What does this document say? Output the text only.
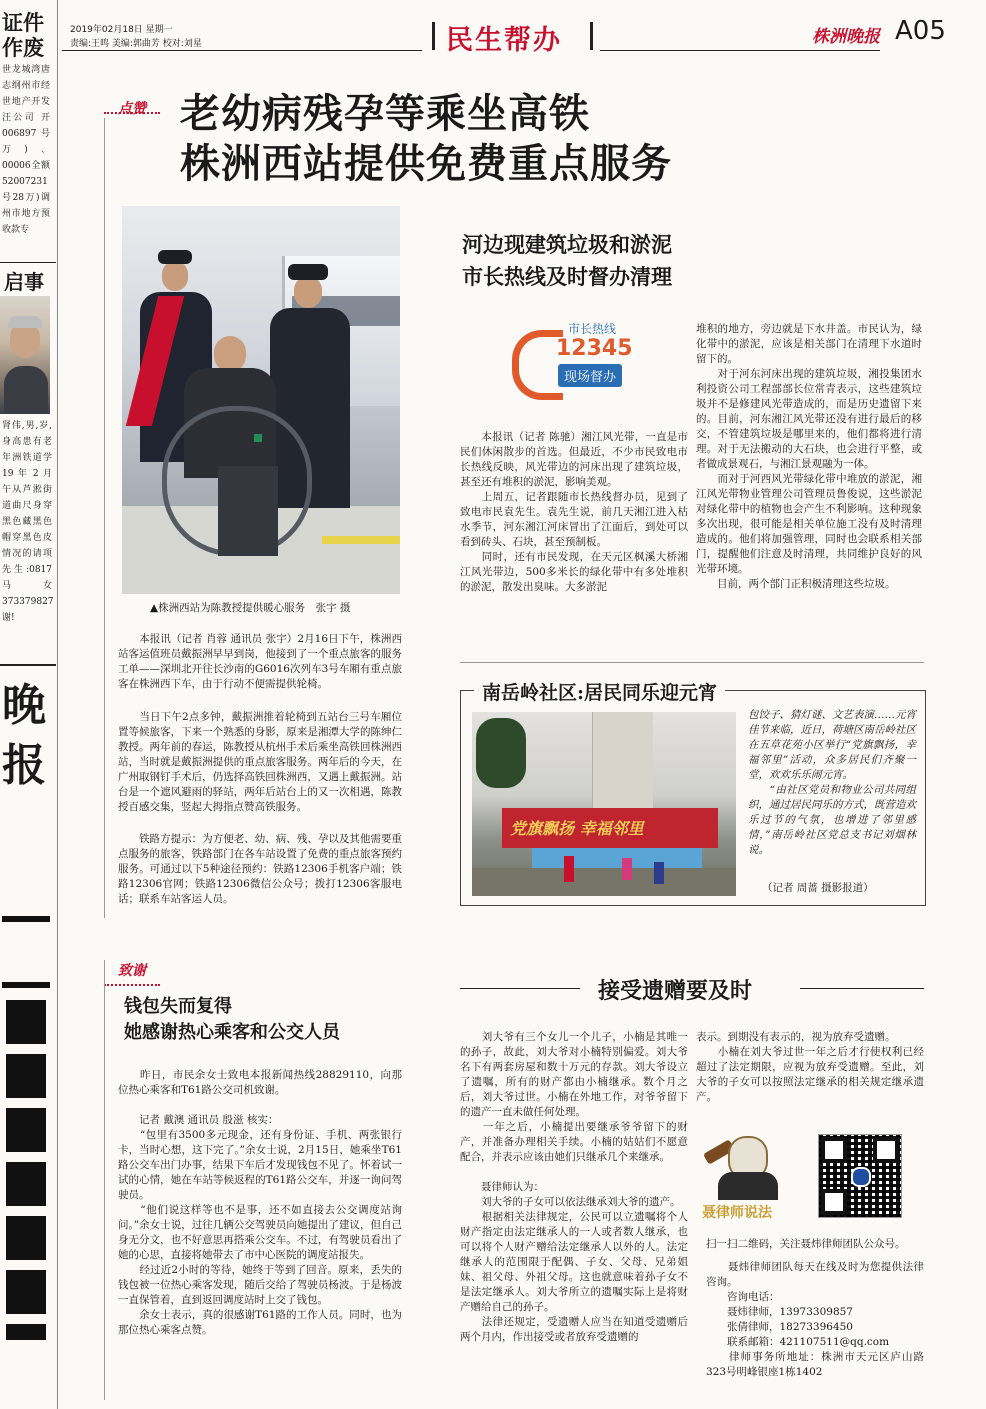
2019年02月18日 星期一
责编:王鸣 美编:郭曲芳 校对:刘星	民生帮办	株洲晚报 A05
证件作废
世龙城湾唐志纲州市经世地产开发汪公司 开006897 号万)、00006全额 52007231 号28万)调州市地方预收款专
启事
肾伟,男,岁,身高患有老年洲铁道学19 年 2 月午从芦淞街道曲尺身穿黑色藏黑色帽穿黑色皮情况的请项先生:0817 马女373379827谢!
晚报
点赞 老幼病残孕等乘坐高铁
株洲西站提供免费重点服务
▲株洲西站为陈教授提供暖心服务　张宇 摄
　　本报讯（记者 肖蓉 通讯员 张宇）2月16日下午，株洲西站客运值班员戴振洲早早到岗，他接到了一个重点旅客的服务工单——深圳北开往长沙南的G6016次列车3号车厢有重点旅客在株洲西下车，由于行动不便需提供轮椅。
　　当日下午2点多钟，戴振洲推着轮椅到五站台三号车厢位置等候旅客，下来一个熟悉的身影，原来是湘潭大学的陈绅仁教授。两年前的春运，陈教授从杭州手术后乘坐高铁回株洲西站，当时就是戴振洲提供的重点旅客服务。两年后的今天，在广州取钢钉手术后，仍选择高铁回株洲西，又遇上戴振洲。站台是一个遮风避雨的驿站，两年后站台上的又一次相遇，陈教授百感交集，竖起大拇指点赞高铁服务。
　　铁路方提示：为方便老、幼、病、残、孕以及其他需要重点服务的旅客，铁路部门在各车站设置了免费的重点旅客预约服务。可通过以下5种途径预约：铁路12306手机客户端；铁路12306官网；铁路12306微信公众号；拨打12306客服电话；联系车站客运人员。
河边现建筑垃圾和淤泥
市长热线及时督办清理
市长热线
12345
现场督办
　　本报讯（记者 陈驰）湘江风光带，一直是市民们休闲散步的首选。但最近，不少市民致电市长热线反映，风光带边的河床出现了建筑垃圾，甚至还有堆积的淤泥，影响美观。
　　上周五，记者跟随市长热线督办员，见到了致电市民袁先生。袁先生说，前几天湘江进入枯水季节，河东湘江河床冒出了江面后，到处可以看到砖头、石块，甚至预制板。
　　同时，还有市民发现，在天元区枫溪大桥湘江风光带边，500多米长的绿化带中有多处堆积的淤泥，散发出臭味。大多淤泥
堆积的地方，旁边就是下水井盖。市民认为，绿化带中的淤泥，应该是相关部门在清理下水道时留下的。
　　对于河东河床出现的建筑垃圾，湘投集团水利投资公司工程部部长位常青表示，这些建筑垃圾并不是修建风光带造成的，而是历史遗留下来的。目前，河东湘江风光带还没有进行最后的移交，不管建筑垃圾是哪里来的，他们都将进行清理。对于无法搬动的大石块，也会进行平整，或者做成景观石，与湘江景观融为一体。
　　而对于河西风光带绿化带中堆放的淤泥，湘江风光带物业管理公司管理员鲁俊说，这些淤泥对绿化带中的植物也会产生不利影响。这种现象多次出现，很可能是相关单位施工没有及时清理造成的。他们将加强管理，同时也会联系相关部门，提醒他们注意及时清理，共同维护良好的风光带环境。
　　目前，两个部门正积极清理这些垃圾。
南岳岭社区:居民同乐迎元宵
党旗飘扬 幸福邻里
包饺子、猜灯谜、文艺表演……元宵佳节来临，近日，荷塘区南岳岭社区在五草花苑小区举行“党旗飘扬，幸福邻里”活动，众多居民们齐聚一堂，欢欢乐乐闹元宵。
　　“由社区党员和物业公司共同组织，通过居民同乐的方式，既营造欢乐过节的气氛，也增进了邻里感情，”南岳岭社区党总支书记刘烟林说。
（记者 周蔷 摄影报道）
致谢
钱包失而复得
她感谢热心乘客和公交人员
　　昨日，市民余女士致电本报新闻热线28829110，向那位热心乘客和T61路公交司机致谢。

　　记者 戴澳 通讯员 殷滋 核实：
　　“包里有3500多元现金，还有身份证、手机、两张银行卡，当时心想，这下完了。”余女士说，2月15日，她乘坐T61路公交车出门办事，结果下车后才发现钱包不见了。怀着试一试的心情，她在车站等候返程的T61路公交车，并逐一询问驾驶员。
　　“他们说这样等也不是事，还不如直接去公交调度站询问。”余女士说，过往几辆公交驾驶员向她提出了建议，但自己身无分文，也不好意思再搭乘公交车。不过，有驾驶员看出了她的心思，直接将她带去了市中心医院的调度站报失。
　　经过近2小时的等待，她终于等到了回音。原来，丢失的钱包被一位热心乘客发现，随后交给了驾驶员杨波。于是杨波一直保管着，直到返回调度站时上交了钱包。
　　余女士表示，真的很感谢T61路的工作人员。同时，也为那位热心乘客点赞。
接受遗赠要及时
　　刘大爷有三个女儿一个儿子，小楠是其唯一的孙子，故此，刘大爷对小楠特别偏爱。刘大爷名下有两套房屋和数十万元的存款。刘大爷设立了遗嘱，所有的财产都由小楠继承。数个月之后，刘大爷过世。小楠在外地工作，对爷爷留下的遗产一直未做任何处理。
　　一年之后，小楠提出要继承爷爷留下的财产，并准备办理相关手续。小楠的姑姑们不愿意配合，并表示应该由她们只继承几个来继承。

　　聂律师认为：
　　刘大爷的子女可以依法继承刘大爷的遗产。
　　根据相关法律规定，公民可以立遗嘱将个人财产指定由法定继承人的一人或者数人继承，也可以将个人财产赠给法定继承人以外的人。法定继承人的范围限于配偶、子女、父母、兄弟姐妹、祖父母、外祖父母。这也就意味着孙子女不是法定继承人。刘大爷所立的遗嘱实际上是将财产赠给自己的孙子。
　　法律还规定，受遗赠人应当在知道受遗赠后两个月内，作出接受或者放弃受遗赠的
表示。到期没有表示的，视为放弃受遗赠。
　　小楠在刘大爷过世一年之后才行使权利已经超过了法定期限，应视为放弃受遗赠。至此，刘大爷的子女可以按照法定继承的相关规定继承遗产。
聂律师说法
扫一扫二维码，关注聂炜律师团队公众号。
　　聂炜律师团队每天在线及时为您提供法律咨询。
　　咨询电话：
　　聂炜律师，13973309857
　　张倩律师，18273396450
　　联系邮箱：421107511@qq.com
　　律师事务所地址：株洲市天元区庐山路323号明峰银座1栋1402
